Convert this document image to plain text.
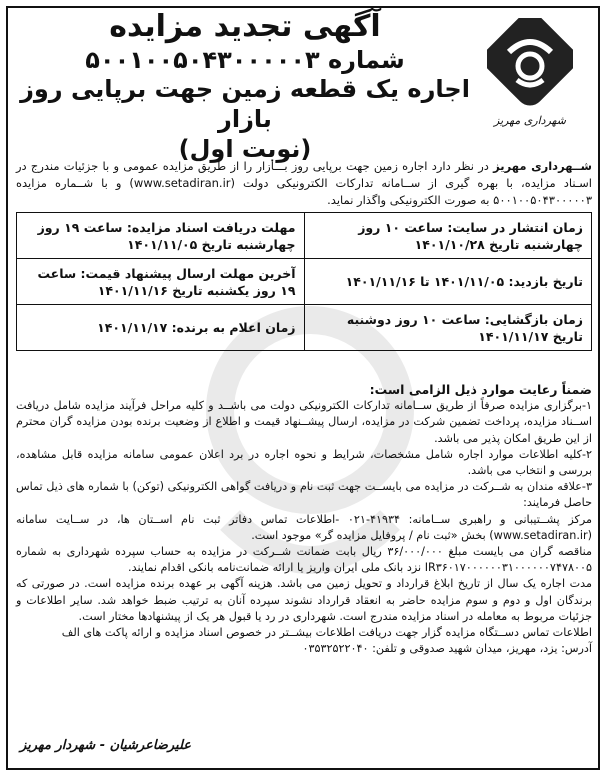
شهرداری مهریز
آگهی تجدید مزایده
شماره ۵۰۰۱۰۰۵۰۴۳۰۰۰۰۰۳
اجاره یک قطعه زمین جهت برپایی روز بازار
(نوبت اول)
شــهرداری مهریز در نظر دارد اجاره زمین جهت برپایی روز بـــازار را از طریق مزایده عمومی و با جزئیات مندرج در اسـناد مزایده، با بهره گیری از ســامانه تدارکات الکترونیکی دولت (www.setadiran.ir) و با شــماره مزایده ۵۰۰۱۰۰۵۰۴۳۰۰۰۰۰۳ به صورت الکترونیکی واگذار نماید.
زمان انتشار در سایت: ساعت ۱۰ روز چهارشنبه تاریخ ۱۴۰۱/۱۰/۲۸	مهلت دریافت اسناد مزایده: ساعت ۱۹ روز چهارشنبه تاریخ ۱۴۰۱/۱۱/۰۵
تاریخ بازدید: ۱۴۰۱/۱۱/۰۵ تا ۱۴۰۱/۱۱/۱۶	آخرین مهلت ارسال پیشنهاد قیمت: ساعت ۱۹ روز یکشنبه تاریخ ۱۴۰۱/۱۱/۱۶
زمان بازگشایی: ساعت ۱۰ روز دوشنبه تاریخ ۱۴۰۱/۱۱/۱۷	زمان اعلام به برنده: ۱۴۰۱/۱۱/۱۷

ضمناً رعایت موارد ذیل الزامی است:

۱-برگزاری مزایده صرفاً از طریق ســامانه تدارکات الکترونیکی دولت می باشــد و کلیه مراحل فرآیند مزایده شامل دریافت اســناد مزایده، پرداخت تضمین شرکت در مزایده، ارسال پیشــنهاد قیمت و اطلاع از وضعیت برنده بودن مزایده گران محترم از این طریق امکان پذیر می باشد.

۲-کلیه اطلاعات موارد اجاره شامل مشخصات، شرایط و نحوه اجاره در برد اعلان عمومی سامانه مزایده قابل مشاهده، بررسی و انتخاب می باشد.

۳-علاقه مندان به شــرکت در مزایده می بایســت جهت ثبت نام و دریافت گواهی الکترونیکی (توکن) با شماره های ذیل تماس حاصل فرمایند:

مرکز پشــتیبانی و راهبری ســامانه: ۴۱۹۳۴-۰۲۱ -اطلاعات تماس دفاتر ثبت نام اســتان ها، در ســایت سامانه (www.setadiran.ir) بخش «ثبت نام / پروفایل مزایده گر» موجود است.

مناقصه گران می بایست مبلغ ۳۶/۰۰۰/۰۰۰ ریال بابت ضمانت شــرکت در مزایده به حساب سپرده شهرداری به شماره IR۳۶۰۱۷۰۰۰۰۰۰۳۱۰۰۰۰۰۰۷۴۷۸۰۰۵ نزد بانک ملی ایران واریز یا ارائه ضمانت‌نامه بانکی اقدام نمایند.

مدت اجاره یک سال از تاریخ ابلاغ قرارداد و تحویل زمین می باشد. هزینه آگهی بر عهده برنده مزایده است. در صورتی که برندگان اول و دوم و سوم مزایده حاضر به انعقاد قرارداد نشوند سپرده آنان به ترتیب ضبط خواهد شد. سایر اطلاعات و جزئیات مربوط به معامله در اسناد مزایده مندرج است. شهرداری در رد یا قبول هر یک از پیشنهادها مختار است.

اطلاعات تماس دســتگاه مزایده گزار جهت دریافت اطلاعات بیشــتر در خصوص اسناد مزایده و ارائه پاکت های الف

آدرس: یزد، مهریز، میدان شهید صدوقی و تلفن: ۰۳۵۳۲۵۲۲۰۴۰

علیرضاعرشیان - شهردار مهریز
